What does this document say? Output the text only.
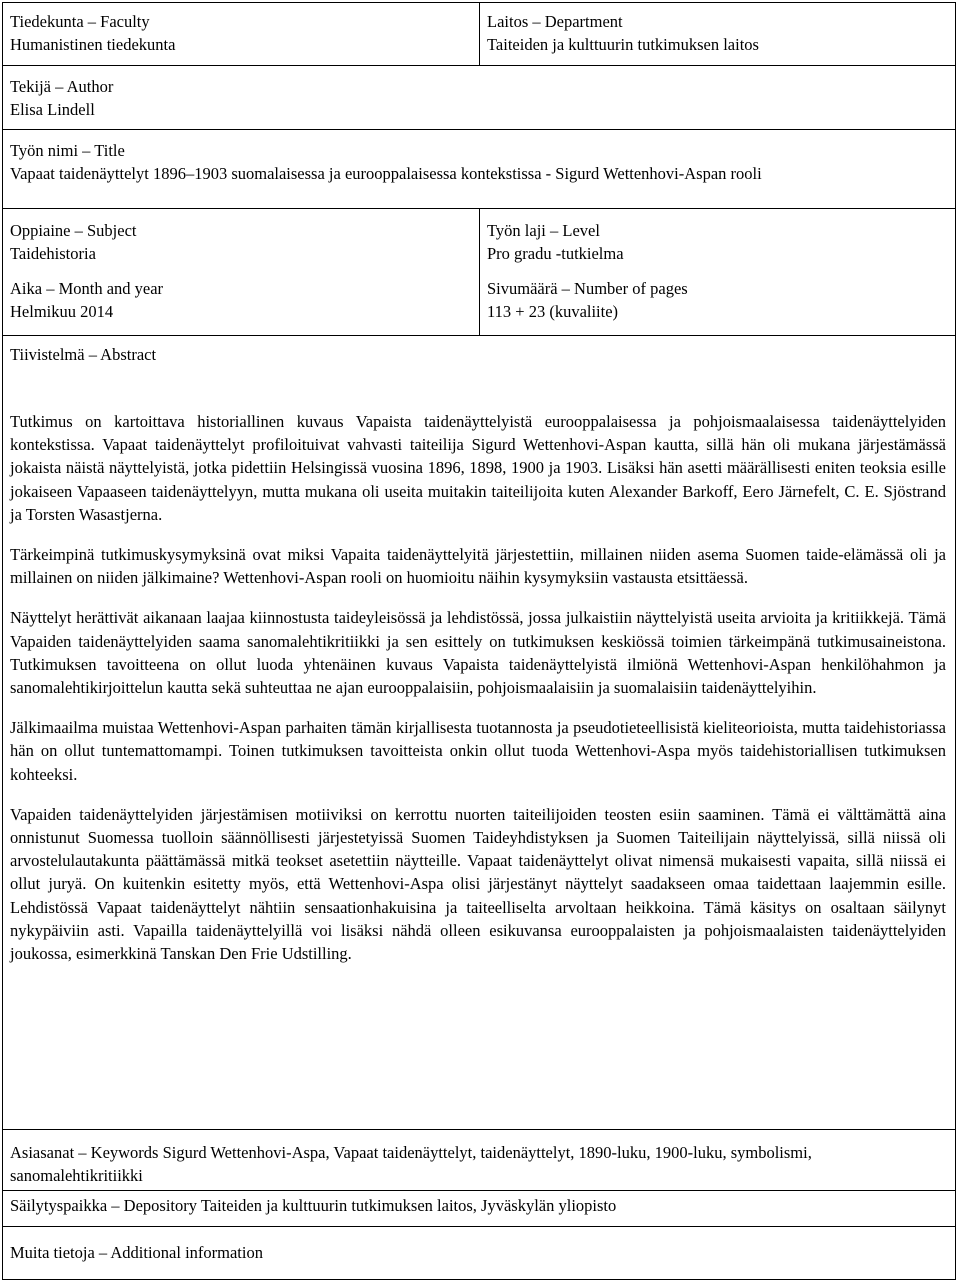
Tiedekunta – Faculty
Humanistinen tiedekunta
Laitos – Department
Taiteiden ja kulttuurin tutkimuksen laitos
Tekijä – Author
Elisa Lindell
Työn nimi – Title
Vapaat taidenäyttelyt 1896–1903 suomalaisessa ja eurooppalaisessa kontekstissa - Sigurd Wettenhovi-Aspan rooli
Oppiaine – Subject
Taidehistoria
Työn laji – Level
Pro gradu -tutkielma
Aika – Month and year
Helmikuu 2014
Sivumäärä – Number of pages
113 + 23 (kuvaliite)
Tiivistelmä – Abstract

Tutkimus on kartoittava historiallinen kuvaus Vapaista taidenäyttelyistä eurooppalaisessa ja pohjoismaalaisessa taidenäyttelyiden kontekstissa. Vapaat taidenäyttelyt profiloituivat vahvasti taiteilija Sigurd Wettenhovi-Aspan kautta, sillä hän oli mukana järjestämässä jokaista näistä näyttelyistä, jotka pidettiin Helsingissä vuosina 1896, 1898, 1900 ja 1903. Lisäksi hän asetti määrällisesti eniten teoksia esille jokaiseen Vapaaseen taidenäyttelyyn, mutta mukana oli useita muitakin taiteilijoita kuten Alexander Barkoff, Eero Järnefelt, C. E. Sjöstrand ja Torsten Wasastjerna.

Tärkeimpinä tutkimuskysymyksinä ovat miksi Vapaita taidenäyttelyitä järjestettiin, millainen niiden asema Suomen taide-elämässä oli ja millainen on niiden jälkimaine? Wettenhovi-Aspan rooli on huomioitu näihin kysymyksiin vastausta etsittäessä.

Näyttelyt herättivät aikanaan laajaa kiinnostusta taideyleisössä ja lehdistössä, jossa julkaistiin näyttelyistä useita arvioita ja kritiikkejä. Tämä Vapaiden taidenäyttelyiden saama sanomalehtikritiikki ja sen esittely on tutkimuksen keskiössä toimien tärkeimpänä tutkimusaineistona. Tutkimuksen tavoitteena on ollut luoda yhtenäinen kuvaus Vapaista taidenäyttelyistä ilmiönä Wettenhovi-Aspan henkilöhahmon ja sanomalehtikirjoittelun kautta sekä suhteuttaa ne ajan eurooppalaisiin, pohjoismaalaisiin ja suomalaisiin taidenäyttelyihin.

Jälkimaailma muistaa Wettenhovi-Aspan parhaiten tämän kirjallisesta tuotannosta ja pseudotieteellisistä kieliteorioista, mutta taidehistoriassa hän on ollut tuntemattomampi. Toinen tutkimuksen tavoitteista onkin ollut tuoda Wettenhovi-Aspa myös taidehistoriallisen tutkimuksen kohteeksi.

Vapaiden taidenäyttelyiden järjestämisen motiiviksi on kerrottu nuorten taiteilijoiden teosten esiin saaminen. Tämä ei välttämättä aina onnistunut Suomessa tuolloin säännöllisesti järjestetyissä Suomen Taideyhdistyksen ja Suomen Taiteilijain näyttelyissä, sillä niissä oli arvostelulautakunta päättämässä mitkä teokset asetettiin näytteille. Vapaat taidenäyttelyt olivat nimensä mukaisesti vapaita, sillä niissä ei ollut juryä. On kuitenkin esitetty myös, että Wettenhovi-Aspa olisi järjestänyt näyttelyt saadakseen omaa taidettaan laajemmin esille. Lehdistössä Vapaat taidenäyttelyt nähtiin sensaationhakuisina ja taiteelliselta arvoltaan heikkoina. Tämä käsitys on osaltaan säilynyt nykypäiviin asti. Vapailla taidenäyttelyillä voi lisäksi nähdä olleen esikuvansa eurooppalaisten ja pohjoismaalaisten taidenäyttelyiden joukossa, esimerkkinä Tanskan Den Frie Udstilling.

Asiasanat – Keywords Sigurd Wettenhovi-Aspa, Vapaat taidenäyttelyt, taidenäyttelyt, 1890-luku, 1900-luku, symbolismi, sanomalehtikritiikki
Säilytyspaikka – Depository Taiteiden ja kulttuurin tutkimuksen laitos, Jyväskylän yliopisto
Muita tietoja – Additional information
